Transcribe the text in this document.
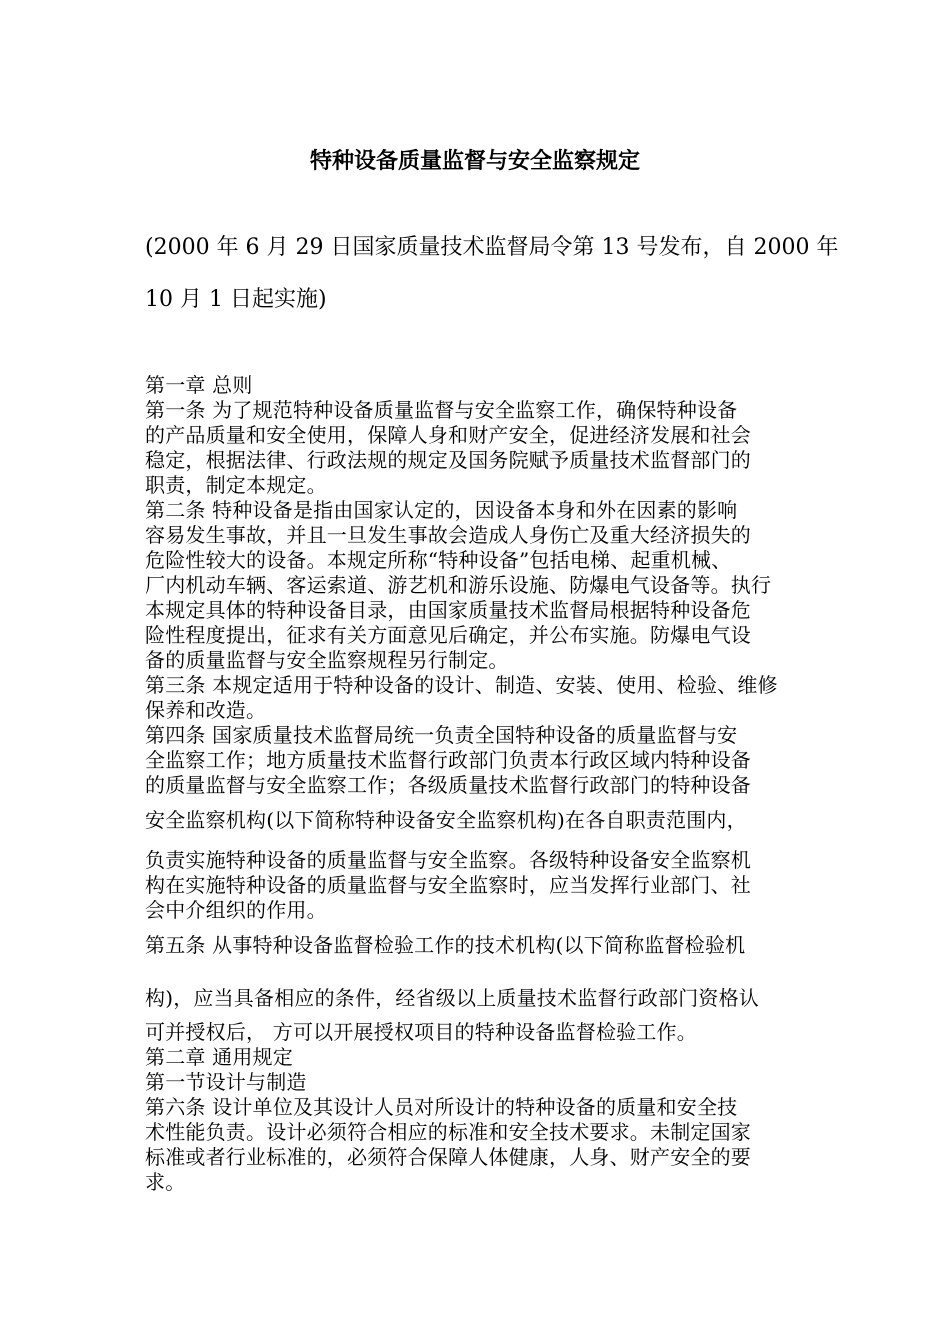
特种设备质量监督与安全监察规定
(2000 年 6 月 29 日国家质量技术监督局令第 13 号发布，自 2000 年
10 月 1 日起实施)
第一章 总则
第一条 为了规范特种设备质量监督与安全监察工作，确保特种设备
的产品质量和安全使用，保障人身和财产安全，促进经济发展和社会
稳定，根据法律、行政法规的规定及国务院赋予质量技术监督部门的
职责，制定本规定。
第二条 特种设备是指由国家认定的，因设备本身和外在因素的影响
容易发生事故，并且一旦发生事故会造成人身伤亡及重大经济损失的
危险性较大的设备。本规定所称“特种设备”包括电梯、起重机械、
厂内机动车辆、客运索道、游艺机和游乐设施、防爆电气设备等。执行
本规定具体的特种设备目录，由国家质量技术监督局根据特种设备危
险性程度提出，征求有关方面意见后确定，并公布实施。防爆电气设
备的质量监督与安全监察规程另行制定。
第三条 本规定适用于特种设备的设计、制造、安装、使用、检验、维修
保养和改造。
第四条 国家质量技术监督局统一负责全国特种设备的质量监督与安
全监察工作；地方质量技术监督行政部门负责本行政区域内特种设备
的质量监督与安全监察工作；各级质量技术监督行政部门的特种设备
安全监察机构(以下简称特种设备安全监察机构)在各自职责范围内，
负责实施特种设备的质量监督与安全监察。各级特种设备安全监察机
构在实施特种设备的质量监督与安全监察时，应当发挥行业部门、社
会中介组织的作用。
第五条 从事特种设备监督检验工作的技术机构(以下简称监督检验机
构)，应当具备相应的条件，经省级以上质量技术监督行政部门资格认
可并授权后， 方可以开展授权项目的特种设备监督检验工作。
第二章 通用规定
第一节设计与制造
第六条 设计单位及其设计人员对所设计的特种设备的质量和安全技
术性能负责。设计必须符合相应的标准和安全技术要求。未制定国家
标准或者行业标准的，必须符合保障人体健康，人身、财产安全的要
求。
